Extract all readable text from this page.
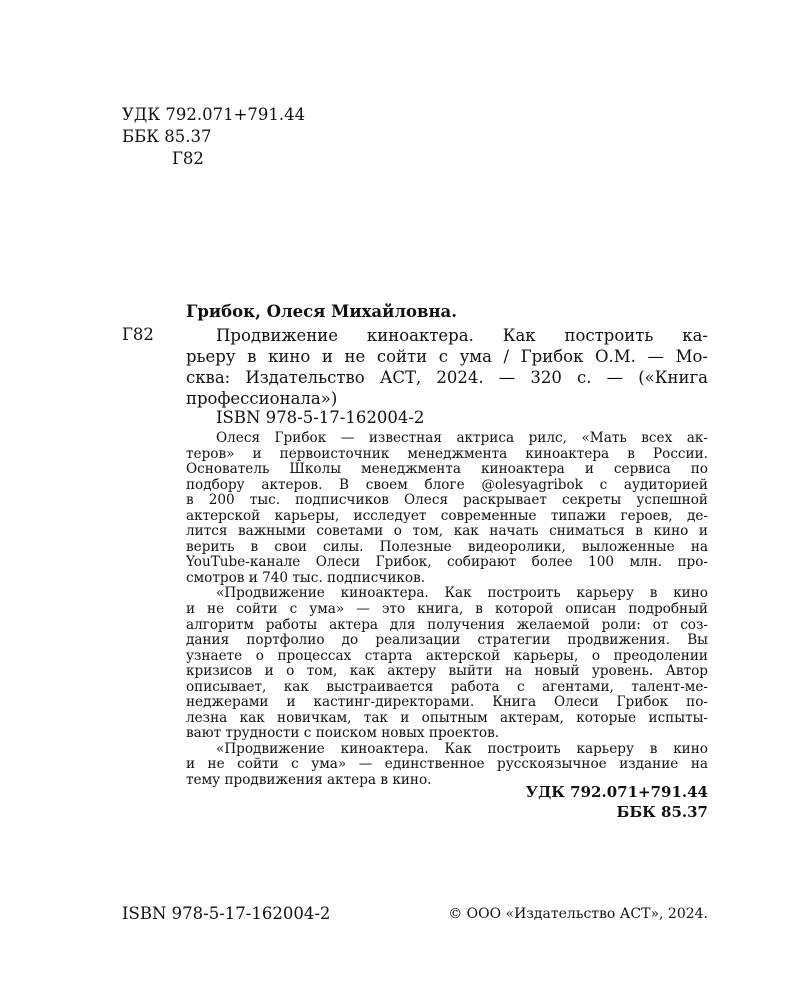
УДК 792.071+791.44
ББК 85.37
Г82
Грибок, Олеся Михайловна.
Г82	Продвижение киноактера. Как построить ка-
рьеру в кино и не сойти с ума / Грибок О.М. — Мо-
сква: Издательство АСТ, 2024. — 320 с. — («Книга
профессионала»)
ISBN 978-5-17-162004-2
Олеся Грибок — известная актриса рилс, «Мать всех ак-
теров» и первоисточник менеджмента киноактера в России.
Основатель Школы менеджмента киноактера и сервиса по
подбору актеров. В своем блоге @olesyagribok с аудиторией
в 200 тыс. подписчиков Олеся раскрывает секреты успешной
актерской карьеры, исследует современные типажи героев, де-
лится важными советами о том, как начать сниматься в кино и
верить в свои силы. Полезные видеоролики, выложенные на
YouTube-канале Олеси Грибок, собирают более 100 млн. про-
смотров и 740 тыс. подписчиков.
«Продвижение киноактера. Как построить карьеру в кино
и не сойти с ума» — это книга, в которой описан подробный
алгоритм работы актера для получения желаемой роли: от соз-
дания портфолио до реализации стратегии продвижения. Вы
узнаете о процессах старта актерской карьеры, о преодолении
кризисов и о том, как актеру выйти на новый уровень. Автор
описывает, как выстраивается работа с агентами, талент-ме-
неджерами и кастинг-директорами. Книга Олеси Грибок по-
лезна как новичкам, так и опытным актерам, которые испыты-
вают трудности с поиском новых проектов.
«Продвижение киноактера. Как построить карьеру в кино
и не сойти с ума» — единственное русскоязычное издание на
тему продвижения актера в кино.
УДК 792.071+791.44
ББК 85.37
ISBN 978-5-17-162004-2	© ООО «Издательство АСТ», 2024.
